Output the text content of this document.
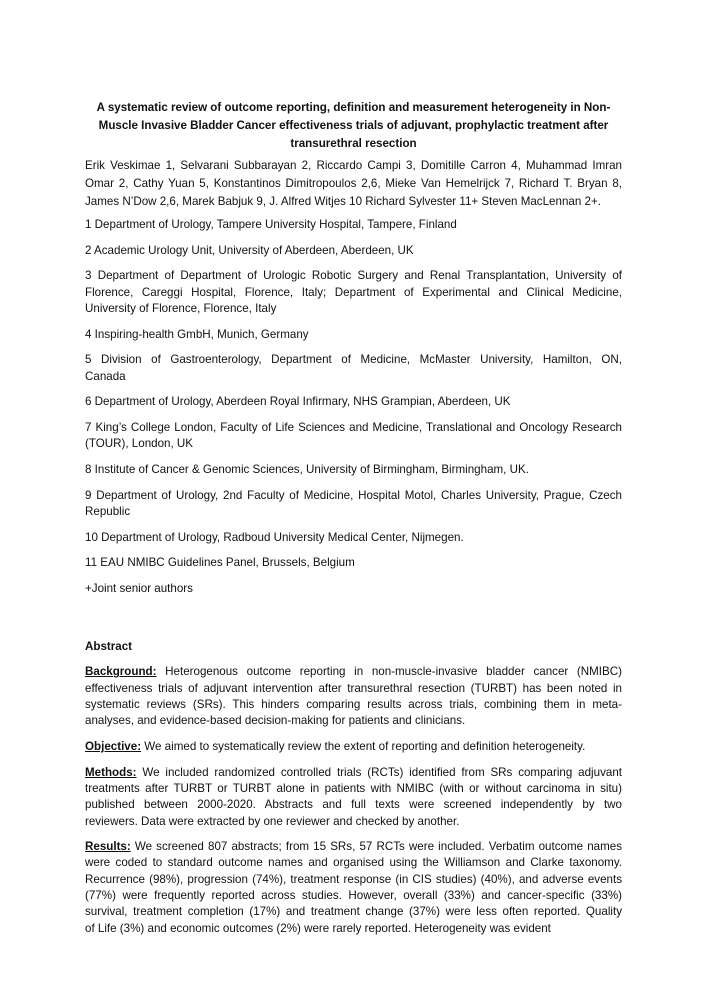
A systematic review of outcome reporting, definition and measurement heterogeneity in Non-
Muscle Invasive Bladder Cancer effectiveness trials of adjuvant, prophylactic treatment after
transurethral resection
Erik Veskimae 1, Selvarani Subbarayan 2, Riccardo Campi 3, Domitille Carron 4, Muhammad Imran
Omar 2, Cathy Yuan 5, Konstantinos Dimitropoulos 2,6, Mieke Van Hemelrijck 7, Richard T. Bryan 8,
James N’Dow 2,6, Marek Babjuk 9, J. Alfred Witjes 10 Richard Sylvester 11+ Steven MacLennan 2+.
1 Department of Urology, Tampere University Hospital, Tampere, Finland
2 Academic Urology Unit, University of Aberdeen, Aberdeen, UK
3 Department of Department of Urologic Robotic Surgery and Renal Transplantation, University of
Florence, Careggi Hospital, Florence, Italy; Department of Experimental and Clinical Medicine,
University of Florence, Florence, Italy
4 Inspiring-health GmbH, Munich, Germany
5 Division of Gastroenterology, Department of Medicine, McMaster University, Hamilton, ON,
Canada
6 Department of Urology, Aberdeen Royal Infirmary, NHS Grampian, Aberdeen, UK
7 King’s College London, Faculty of Life Sciences and Medicine, Translational and Oncology Research
(TOUR), London, UK
8 Institute of Cancer & Genomic Sciences, University of Birmingham, Birmingham, UK.
9 Department of Urology, 2nd Faculty of Medicine, Hospital Motol, Charles University, Prague, Czech
Republic
10 Department of Urology, Radboud University Medical Center, Nijmegen.
11 EAU NMIBC Guidelines Panel, Brussels, Belgium
+Joint senior authors
Abstract
Background: Heterogenous outcome reporting in non-muscle-invasive bladder cancer (NMIBC)
effectiveness trials of adjuvant intervention after transurethral resection (TURBT) has been noted in
systematic reviews (SRs). This hinders comparing results across trials, combining them in meta-
analyses, and evidence-based decision-making for patients and clinicians.
Objective: We aimed to systematically review the extent of reporting and definition heterogeneity.
Methods: We included randomized controlled trials (RCTs) identified from SRs comparing adjuvant
treatments after TURBT or TURBT alone in patients with NMIBC (with or without carcinoma in situ)
published between 2000-2020. Abstracts and full texts were screened independently by two
reviewers. Data were extracted by one reviewer and checked by another.
Results: We screened 807 abstracts; from 15 SRs, 57 RCTs were included. Verbatim outcome names
were coded to standard outcome names and organised using the Williamson and Clarke taxonomy.
Recurrence (98%), progression (74%), treatment response (in CIS studies) (40%), and adverse events
(77%) were frequently reported across studies. However, overall (33%) and cancer-specific (33%)
survival, treatment completion (17%) and treatment change (37%) were less often reported. Quality
of Life (3%) and economic outcomes (2%) were rarely reported. Heterogeneity was evident
